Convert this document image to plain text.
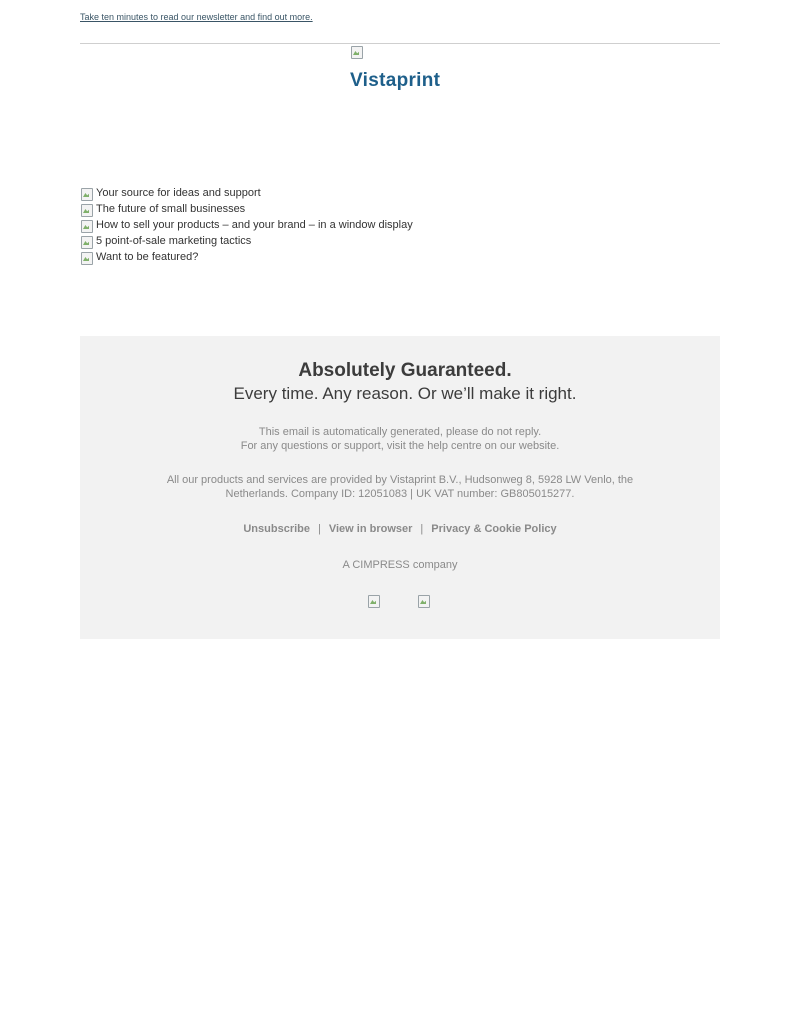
Take ten minutes to read our newsletter and find out more.
Vistaprint
Your source for ideas and support
The future of small businesses
How to sell your products – and your brand – in a window display
5 point-of-sale marketing tactics
Want to be featured?
Absolutely Guaranteed.
Every time. Any reason. Or we’ll make it right.
This email is automatically generated, please do not reply.
For any questions or support, visit the help centre on our website.
All our products and services are provided by Vistaprint B.V., Hudsonweg 8, 5928 LW Venlo, the Netherlands. Company ID: 12051083 | UK VAT number: GB805015277.
Unsubscribe | View in browser | Privacy & Cookie Policy
A CIMPRESS company
